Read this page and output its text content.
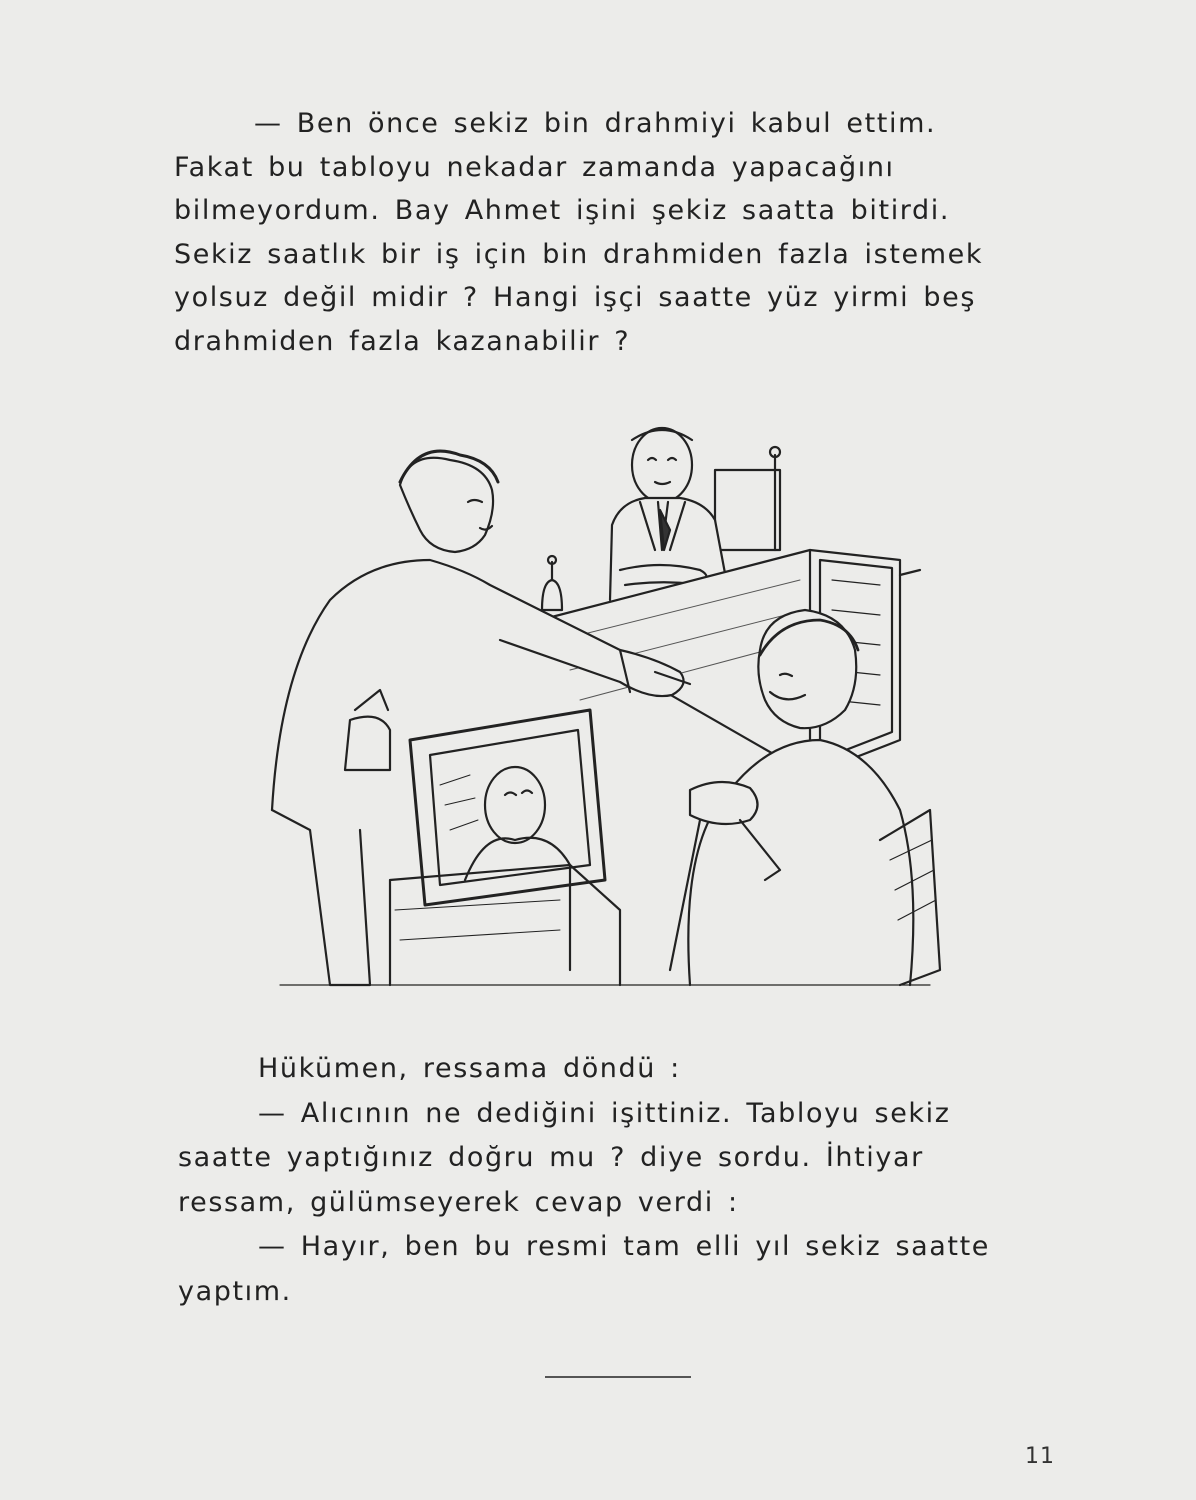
— Ben önce sekiz bin drahmiyi kabul ettim.
Fakat bu tabloyu nekadar zamanda yapacağını
bilmeyordum. Bay Ahmet işini şekiz saatta bitirdi.
Sekiz saatlık bir iş için bin drahmiden fazla istemek
yolsuz değil midir ? Hangi işçi saatte yüz yirmi beş
drahmiden fazla kazanabilir ?
Hükümen, ressama döndü :
— Alıcının ne dediğini işittiniz. Tabloyu sekiz
saatte yaptığınız doğru mu ? diye sordu. İhtiyar
ressam, gülümseyerek cevap verdi :
— Hayır, ben bu resmi tam elli yıl sekiz saatte
yaptım.
11
